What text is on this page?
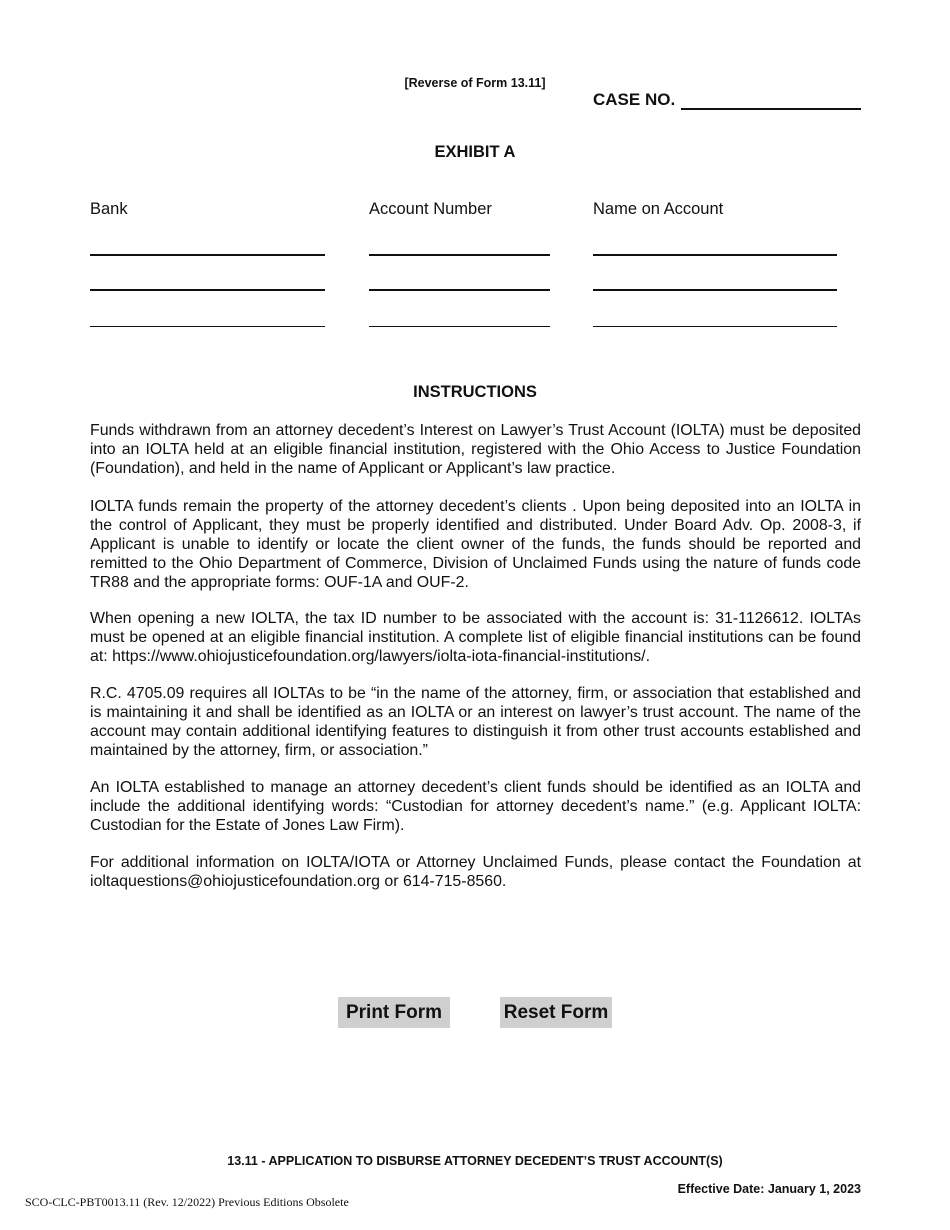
[Reverse of Form 13.11]
CASE NO.
EXHIBIT A
Bank	Account Number	Name on Account
INSTRUCTIONS

Funds withdrawn from an attorney decedent’s Interest on Lawyer’s Trust Account (IOLTA) must be deposited into an IOLTA held at an eligible financial institution, registered with the Ohio Access to Justice Foundation (Foundation), and held in the name of Applicant or Applicant’s law practice.

IOLTA funds remain the property of the attorney decedent’s clients . Upon being deposited into an IOLTA in the control of Applicant, they must be properly identified and distributed. Under Board Adv. Op. 2008-3, if Applicant is unable to identify or locate the client owner of the funds, the funds should be reported and remitted to the Ohio Department of Commerce, Division of Unclaimed Funds using the nature of funds code TR88 and the appropriate forms: OUF-1A and OUF-2.

When opening a new IOLTA, the tax ID number to be associated with the account is: 31-1126612. IOLTAs must be opened at an eligible financial institution. A complete list of eligible financial institutions can be found at: https://www.ohiojusticefoundation.org/lawyers/iolta-iota-financial-institutions/.

R.C. 4705.09 requires all IOLTAs to be “in the name of the attorney, firm, or association that established and is maintaining it and shall be identified as an IOLTA or an interest on lawyer’s trust account. The name of the account may contain additional identifying features to distinguish it from other trust accounts established and maintained by the attorney, firm, or association.”

An IOLTA established to manage an attorney decedent’s client funds should be identified as an IOLTA and include the additional identifying words: “Custodian for attorney decedent’s name.” (e.g. Applicant IOLTA: Custodian for the Estate of Jones Law Firm).

For additional information on IOLTA/IOTA or Attorney Unclaimed Funds, please contact the Foundation at ioltaquestions@ohiojusticefoundation.org or 614-715-8560.

Print Form	Reset Form
13.11 - APPLICATION TO DISBURSE ATTORNEY DECEDENT’S TRUST ACCOUNT(S)
Effective Date: January 1, 2023
SCO-CLC-PBT0013.11 (Rev. 12/2022) Previous Editions Obsolete
